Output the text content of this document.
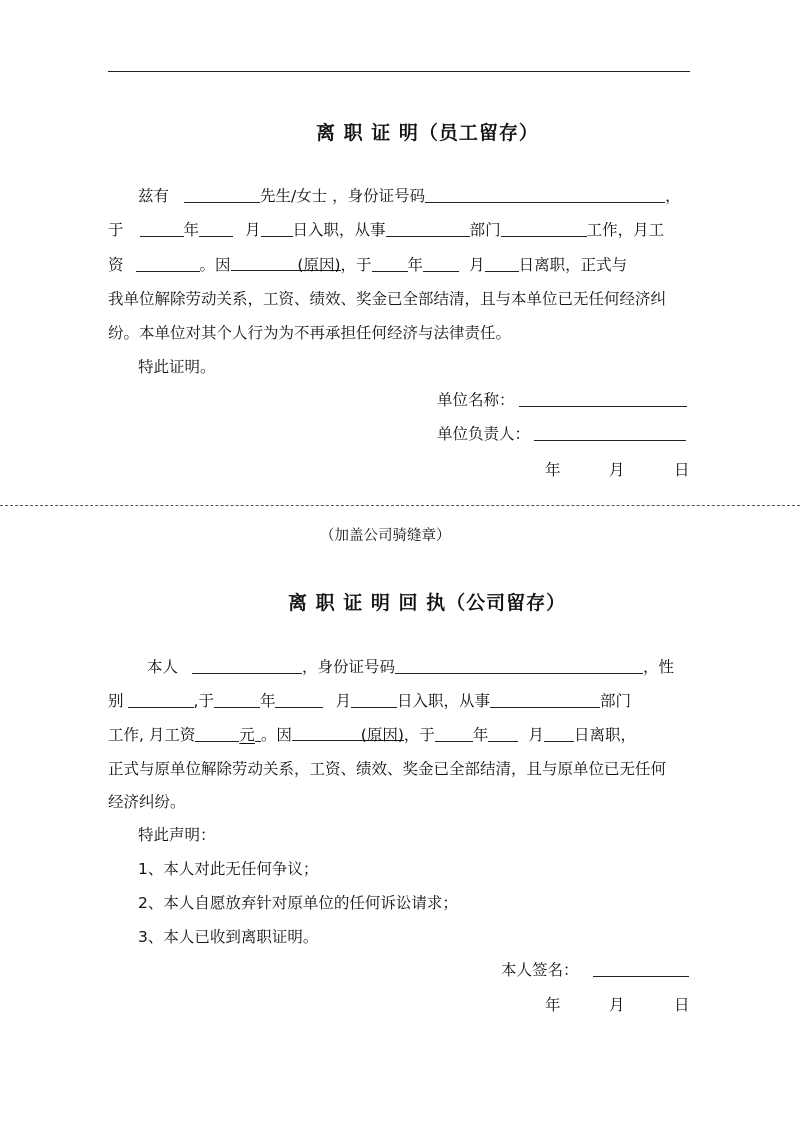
离 职 证 明（员工留存）
兹有	先生/女士 ，身份证号码	，
于	年	月 日入职，从事	部门	工作，月工
资	。因	(原因)，于 年	月 日离职，正式与
我单位解除劳动关系，工资、绩效、奖金已全部结清，且与本单位已无任何经济纠
纷。本单位对其个人行为为不再承担任何经济与法律责任。
特此证明。
单位名称：
单位负责人：
年	月	日
（加盖公司骑缝章）
离 职 证 明 回 执（公司留存）
本人	，身份证号码	，性
别	,于	年	月	日入职，从事	部门
工作, 月工资	元 。因	(原因)，于 年	月 日离职，
正式与原单位解除劳动关系，工资、绩效、奖金已全部结清，且与原单位已无任何
经济纠纷。
特此声明：
1、本人对此无任何争议；
2、本人自愿放弃针对原单位的任何诉讼请求；
3、本人已收到离职证明。
本人签名：
年	月	日
